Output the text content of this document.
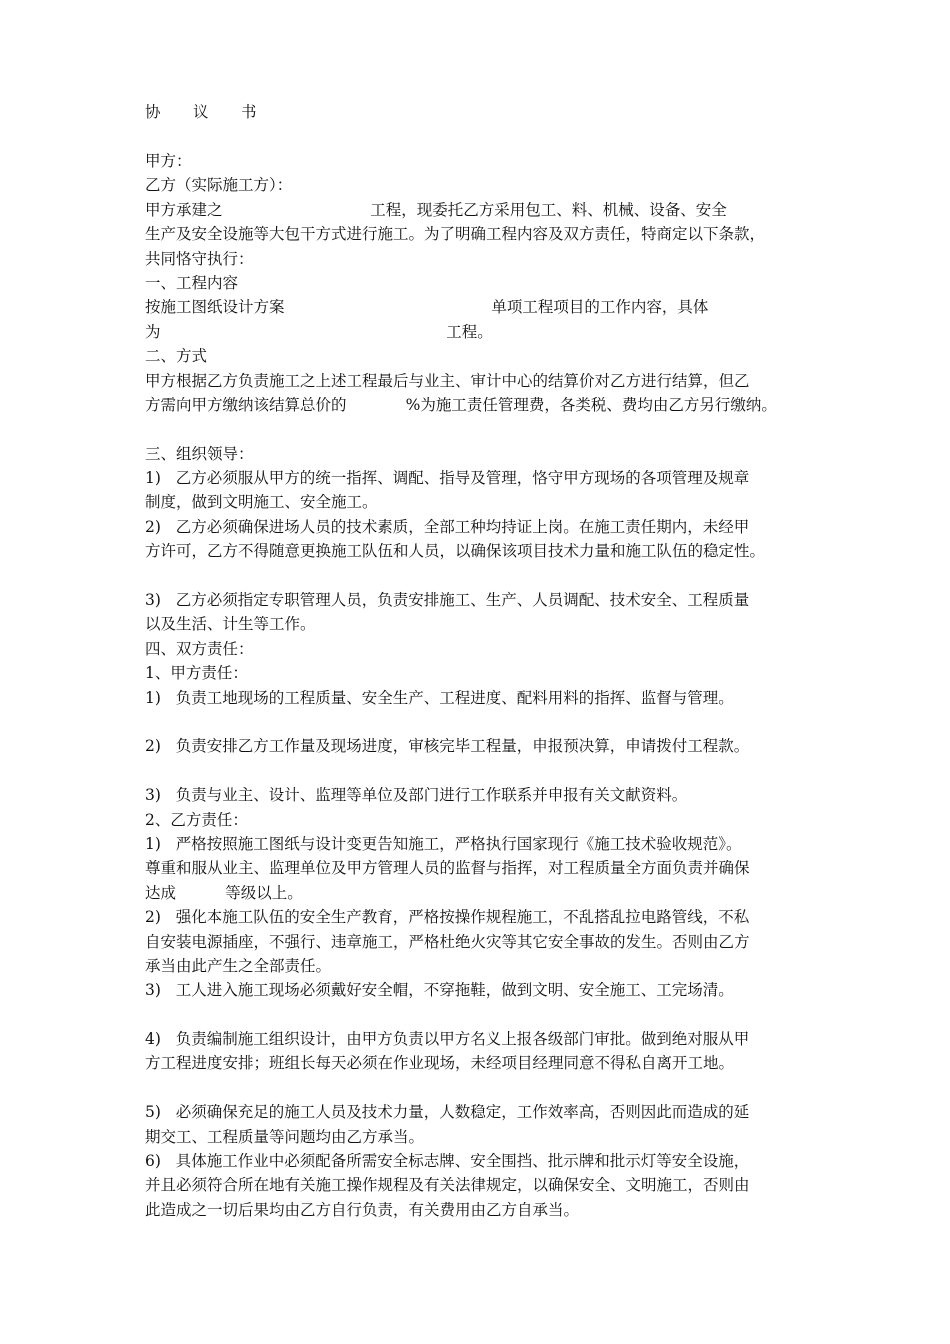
协 议 书
甲方：
乙方（实际施工方）：
甲方承建之                              工程，现委托乙方采用包工、料、机械、设备、安全
生产及安全设施等大包干方式进行施工。为了明确工程内容及双方责任，特商定以下条款，
共同恪守执行：
一、工程内容
按施工图纸设计方案                                          单项工程项目的工作内容，具体
为                                                          工程。
二、方式
甲方根据乙方负责施工之上述工程最后与业主、审计中心的结算价对乙方进行结算，但乙
方需向甲方缴纳该结算总价的            %为施工责任管理费，各类税、费均由乙方另行缴纳。
三、组织领导：
1)   乙方必须服从甲方的统一指挥、调配、指导及管理，恪守甲方现场的各项管理及规章
制度，做到文明施工、安全施工。
2)   乙方必须确保进场人员的技术素质，全部工种均持证上岗。在施工责任期内，未经甲
方许可，乙方不得随意更换施工队伍和人员，以确保该项目技术力量和施工队伍的稳定性。
3)   乙方必须指定专职管理人员，负责安排施工、生产、人员调配、技术安全、工程质量
以及生活、计生等工作。
四、双方责任：
1、甲方责任：
1)   负责工地现场的工程质量、安全生产、工程进度、配料用料的指挥、监督与管理。
2)   负责安排乙方工作量及现场进度，审核完毕工程量，申报预决算，申请拨付工程款。
3)   负责与业主、设计、监理等单位及部门进行工作联系并申报有关文献资料。
2、乙方责任：
1)   严格按照施工图纸与设计变更告知施工，严格执行国家现行《施工技术验收规范》。
尊重和服从业主、监理单位及甲方管理人员的监督与指挥，对工程质量全方面负责并确保
达成          等级以上。
2)   强化本施工队伍的安全生产教育，严格按操作规程施工，不乱搭乱拉电路管线，不私
自安装电源插座，不强行、违章施工，严格杜绝火灾等其它安全事故的发生。否则由乙方
承当由此产生之全部责任。
3)   工人进入施工现场必须戴好安全帽，不穿拖鞋，做到文明、安全施工、工完场清。
4)   负责编制施工组织设计，由甲方负责以甲方名义上报各级部门审批。做到绝对服从甲
方工程进度安排；班组长每天必须在作业现场，未经项目经理同意不得私自离开工地。
5)   必须确保充足的施工人员及技术力量，人数稳定，工作效率高，否则因此而造成的延
期交工、工程质量等问题均由乙方承当。
6)   具体施工作业中必须配备所需安全标志牌、安全围挡、批示牌和批示灯等安全设施，
并且必须符合所在地有关施工操作规程及有关法律规定，以确保安全、文明施工，否则由
此造成之一切后果均由乙方自行负责，有关费用由乙方自承当。
